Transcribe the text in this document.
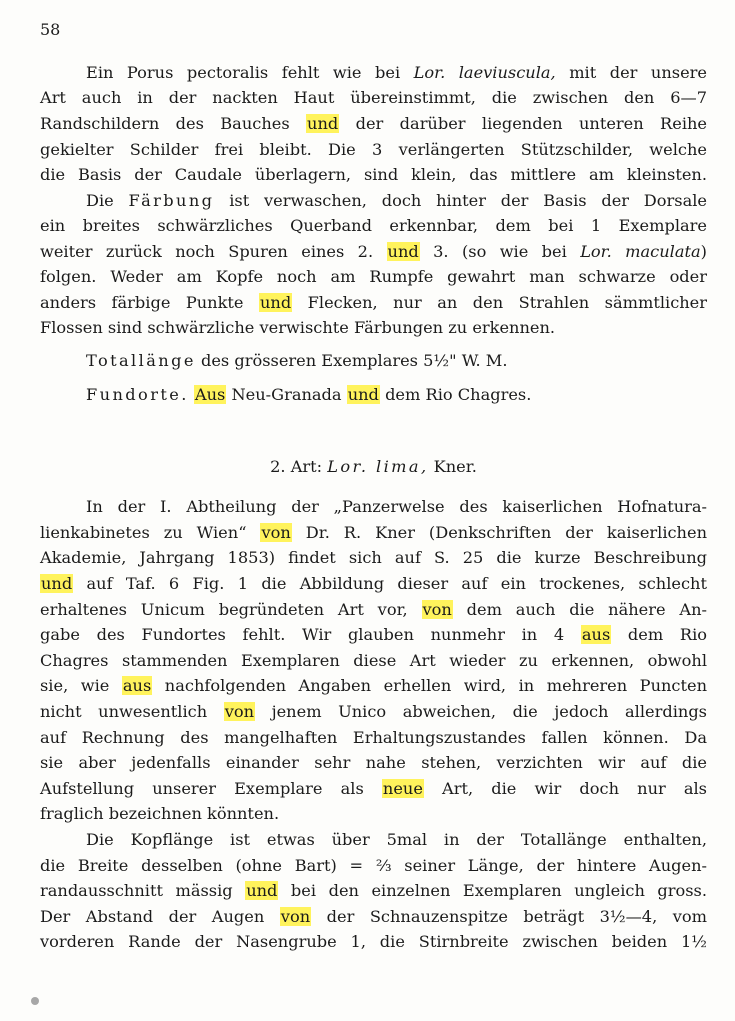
58
Ein Porus pectoralis fehlt wie bei Lor. laeviuscula, mit der unsere
Art auch in der nackten Haut übereinstimmt, die zwischen den 6—7
Randschildern des Bauches und der darüber liegenden unteren Reihe
gekielter Schilder frei bleibt. Die 3 verlängerten Stützschilder, welche
die Basis der Caudale überlagern, sind klein, das mittlere am kleinsten.
Die Färbung ist verwaschen, doch hinter der Basis der Dorsale
ein breites schwärzliches Querband erkennbar, dem bei 1 Exemplare
weiter zurück noch Spuren eines 2. und 3. (so wie bei Lor. maculata)
folgen. Weder am Kopfe noch am Rumpfe gewahrt man schwarze oder
anders färbige Punkte und Flecken, nur an den Strahlen sämmtlicher
Flossen sind schwärzliche verwischte Färbungen zu erkennen.
Totallänge des grösseren Exemplares 5½" W. M.
Fundorte. Aus Neu-Granada und dem Rio Chagres.
2. Art: Lor. lima, Kner.
In der I. Abtheilung der „Panzerwelse des kaiserlichen Hofnatura-
lienkabinetes zu Wien“ von Dr. R. Kner (Denkschriften der kaiserlichen
Akademie, Jahrgang 1853) findet sich auf S. 25 die kurze Beschreibung
und auf Taf. 6 Fig. 1 die Abbildung dieser auf ein trockenes, schlecht
erhaltenes Unicum begründeten Art vor, von dem auch die nähere An-
gabe des Fundortes fehlt. Wir glauben nunmehr in 4 aus dem Rio
Chagres stammenden Exemplaren diese Art wieder zu erkennen, obwohl
sie, wie aus nachfolgenden Angaben erhellen wird, in mehreren Puncten
nicht unwesentlich von jenem Unico abweichen, die jedoch allerdings
auf Rechnung des mangelhaften Erhaltungszustandes fallen können. Da
sie aber jedenfalls einander sehr nahe stehen, verzichten wir auf die
Aufstellung unserer Exemplare als neue Art, die wir doch nur als
fraglich bezeichnen könnten.
Die Kopflänge ist etwas über 5mal in der Totallänge enthalten,
die Breite desselben (ohne Bart) = ⅔ seiner Länge, der hintere Augen-
randausschnitt mässig und bei den einzelnen Exemplaren ungleich gross.
Der Abstand der Augen von der Schnauzenspitze beträgt 3½—4, vom
vorderen Rande der Nasengrube 1, die Stirnbreite zwischen beiden 1½
